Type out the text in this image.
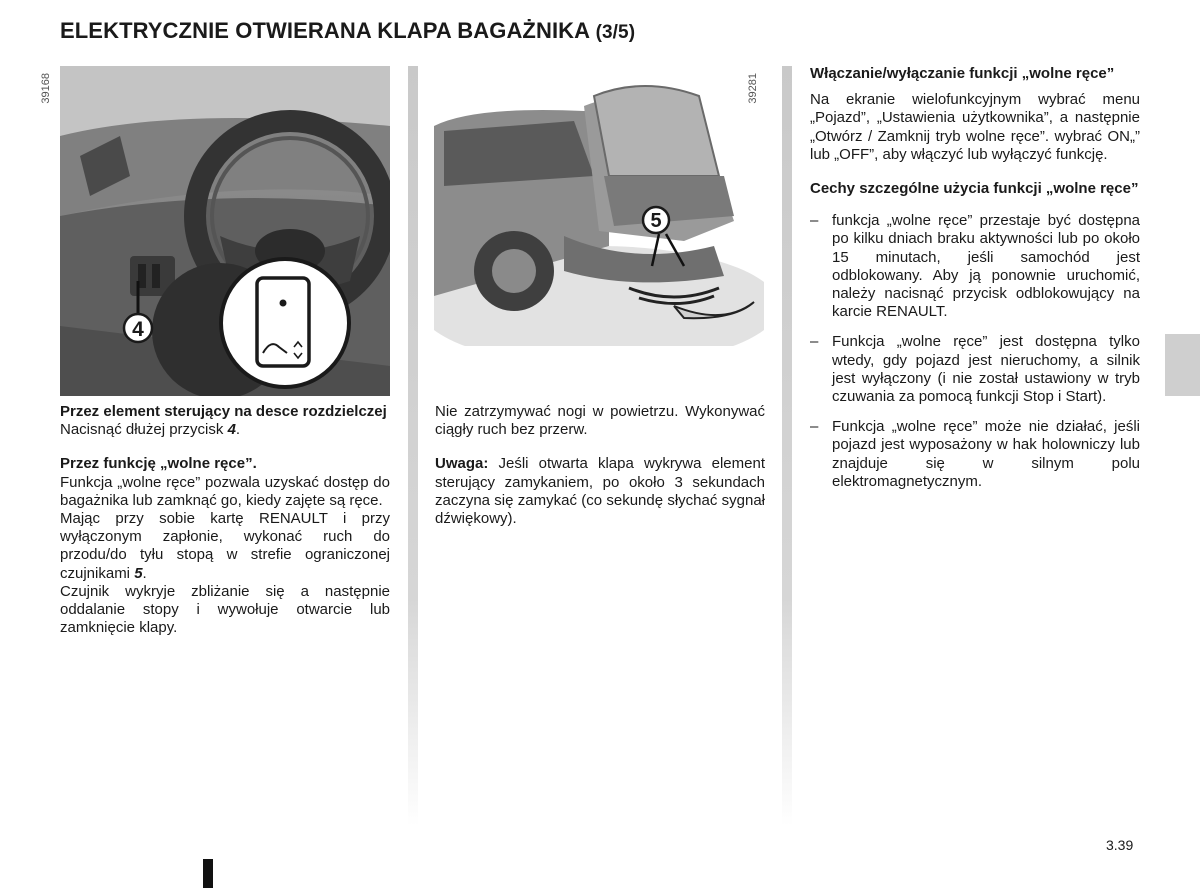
ELEKTRYCZNIE OTWIERANA KLAPA BAGAŻNIKA (3/5)
4
39168
5
39281

Przez element sterujący na desce rozdzielczej

Nacisnąć dłużej przycisk 4.

Przez funkcję „wolne ręce”.

Funkcja „wolne ręce” pozwala uzyskać dostęp do bagażnika lub zamknąć go, kiedy zajęte są ręce.

Mając przy sobie kartę RENAULT i przy wyłączonym zapłonie, wykonać ruch do przodu/do tyłu stopą w strefie ograniczonej czujnikami 5.

Czujnik wykryje zbliżanie się a następnie oddalanie stopy i wywołuje otwarcie lub zamknięcie klapy.

Nie zatrzymywać nogi w powietrzu. Wykonywać ciągły ruch bez przerw.

Uwaga: Jeśli otwarta klapa wykrywa element sterujący zamykaniem, po około 3 sekundach zaczyna się zamykać (co sekundę słychać sygnał dźwiękowy).

Włączanie/wyłączanie funkcji „wolne ręce”

Na ekranie wielofunkcyjnym wybrać menu „Pojazd”, „Ustawienia użytkownika”, a następnie „Otwórz / Zamknij tryb wolne ręce”. wybrać ON„” lub „OFF”, aby włączyć lub wyłączyć funkcję.

Cechy szczególne użycia funkcji „wolne ręce”

– funkcja „wolne ręce” przestaje być dostępna po kilku dniach braku aktywności lub po około 15 minutach, jeśli samochód jest odblokowany. Aby ją ponownie uruchomić, należy nacisnąć przycisk odblokowujący na karcie RENAULT.
– Funkcja „wolne ręce” jest dostępna tylko wtedy, gdy pojazd jest nieruchomy, a silnik jest wyłączony (i nie został ustawiony w tryb czuwania za pomocą funkcji Stop i Start).
– Funkcja „wolne ręce” może nie działać, jeśli pojazd jest wyposażony w hak holowniczy lub znajduje się w silnym polu elektromagnetycznym.
3.39
